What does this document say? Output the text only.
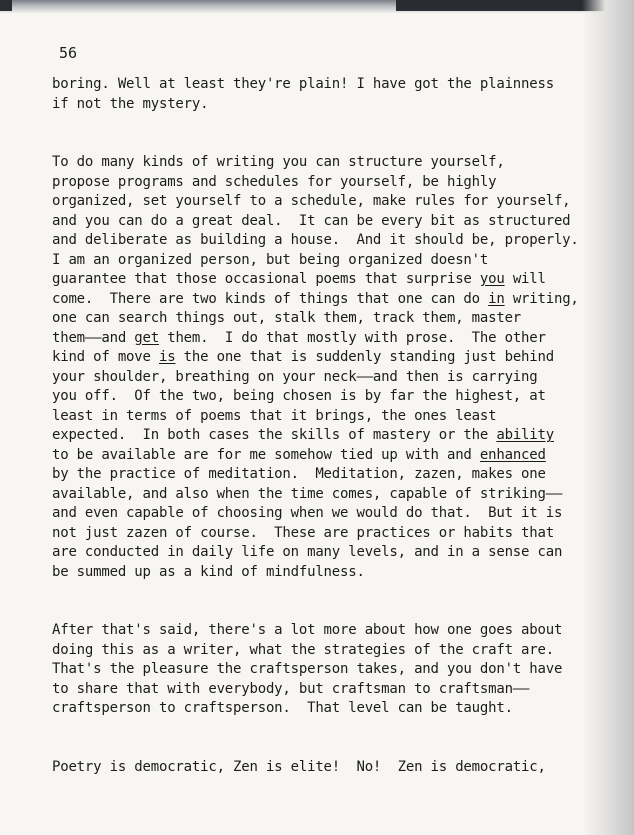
56
boring. Well at least they're plain! I have got the plainness
if not the mystery.
To do many kinds of writing you can structure yourself,
propose programs and schedules for yourself, be highly
organized, set yourself to a schedule, make rules for yourself,
and you can do a great deal.  It can be every bit as structured
and deliberate as building a house.  And it should be, properly.
I am an organized person, but being organized doesn't
guarantee that those occasional poems that surprise you will
come.  There are two kinds of things that one can do in writing,
one can search things out, stalk them, track them, master
them——and get them.  I do that mostly with prose.  The other
kind of move is the one that is suddenly standing just behind
your shoulder, breathing on your neck——and then is carrying
you off.  Of the two, being chosen is by far the highest, at
least in terms of poems that it brings, the ones least
expected.  In both cases the skills of mastery or the ability
to be available are for me somehow tied up with and enhanced
by the practice of meditation.  Meditation, zazen, makes one
available, and also when the time comes, capable of striking——
and even capable of choosing when we would do that.  But it is
not just zazen of course.  These are practices or habits that
are conducted in daily life on many levels, and in a sense can
be summed up as a kind of mindfulness.
After that's said, there's a lot more about how one goes about
doing this as a writer, what the strategies of the craft are.
That's the pleasure the craftsperson takes, and you don't have
to share that with everybody, but craftsman to craftsman——
craftsperson to craftsperson.  That level can be taught.
Poetry is democratic, Zen is elite!  No!  Zen is democratic,
